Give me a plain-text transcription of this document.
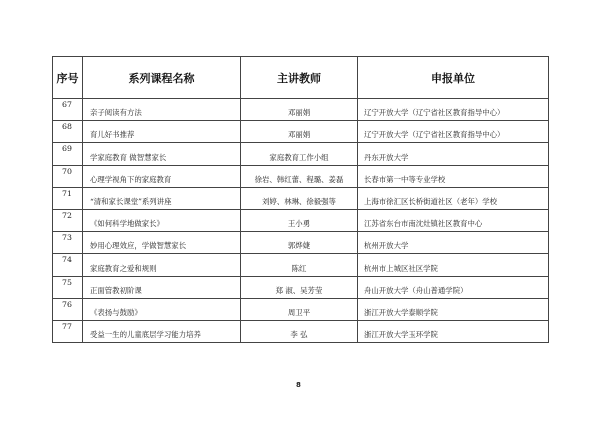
序号	系列课程名称	主讲教师	申报单位
67	亲子阅读有方法	邓丽娟	辽宁开放大学（辽宁省社区教育指导中心）
68	育儿好书推荐	邓丽娟	辽宁开放大学（辽宁省社区教育指导中心）
69	学家庭教育 做智慧家长	家庭教育工作小组	丹东开放大学
70	心理学视角下的家庭教育	徐岩、韩红蕾、程璐、姜磊	长春市第一中等专业学校
71	“清和家长课堂”系列讲座	刘婷、林琳、徐毅强等	上海市徐汇区长桥街道社区（老年）学校
72	《如何科学地做家长》	王小勇	江苏省东台市南沈灶镇社区教育中心
73	妙用心理效应，学做智慧家长	郭烨婕	杭州开放大学
74	家庭教育之爱和规则	陈红	杭州市上城区社区学院
75	正面管教初阶课	郑 淑、吴芳莹	舟山开放大学（舟山普通学院）
76	《表扬与鼓励》	周卫平	浙江开放大学泰顺学院
77	受益一生的儿童底层学习能力培养	李 弘	浙江开放大学玉环学院
8
